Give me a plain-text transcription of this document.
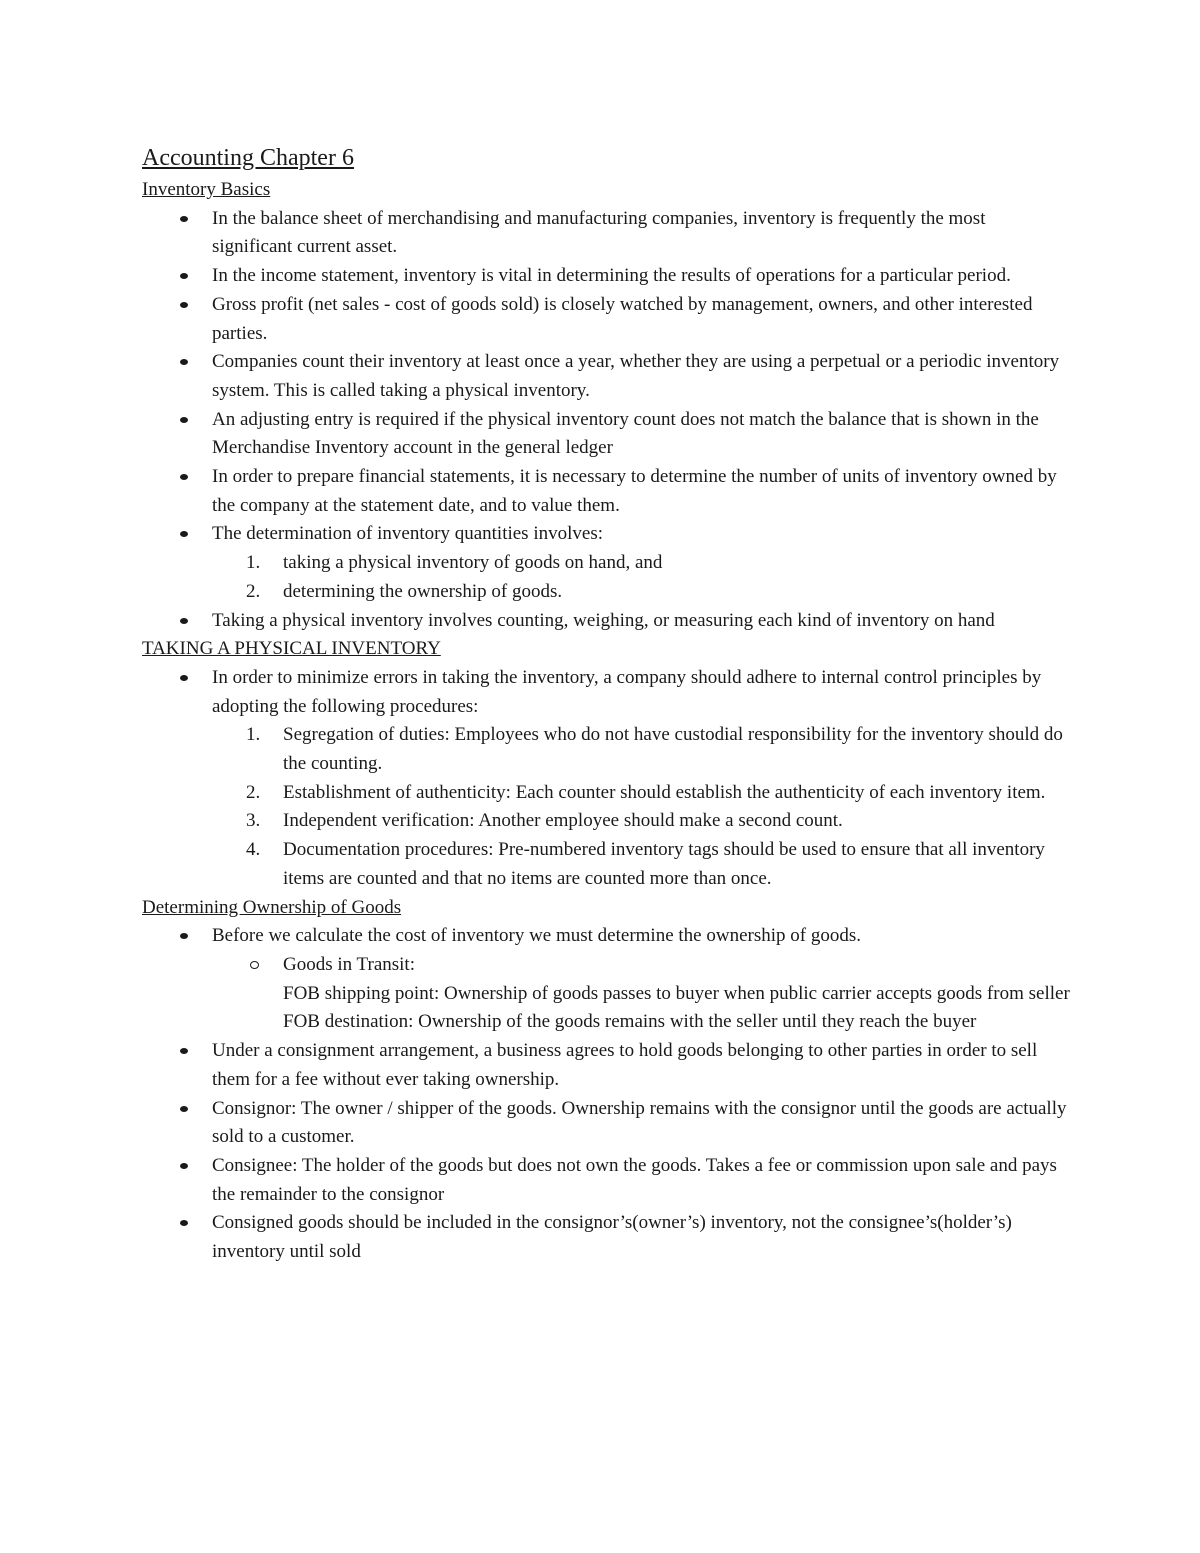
Accounting Chapter 6
Inventory Basics
In the balance sheet of merchandising and manufacturing companies, inventory is frequently the most significant current asset.
In the income statement, inventory is vital in determining the results of operations for a particular period.
Gross profit (net sales - cost of goods sold) is closely watched by management, owners, and other interested parties.
Companies count their inventory at least once a year, whether they are using a perpetual or a periodic inventory system. This is called taking a physical inventory.
An adjusting entry is required if the physical inventory count does not match the balance that is shown in the Merchandise Inventory account in the general ledger
In order to prepare financial statements, it is necessary to determine the number of units of inventory owned by the company at the statement date, and to value them.
The determination of inventory quantities involves:
1. taking a physical inventory of goods on hand, and
2. determining the ownership of goods.
Taking a physical inventory involves counting, weighing, or measuring each kind of inventory on hand
TAKING A PHYSICAL INVENTORY
In order to minimize errors in taking the inventory, a company should adhere to internal control principles by adopting the following procedures:
1. Segregation of duties: Employees who do not have custodial responsibility for the inventory should do the counting.
2. Establishment of authenticity: Each counter should establish the authenticity of each inventory item.
3. Independent verification: Another employee should make a second count.
4. Documentation procedures: Pre-numbered inventory tags should be used to ensure that all inventory items are counted and that no items are counted more than once.
Determining Ownership of Goods
Before we calculate the cost of inventory we must determine the ownership of goods.
Goods in Transit:
FOB shipping point: Ownership of goods passes to buyer when public carrier accepts goods from seller
FOB destination: Ownership of the goods remains with the seller until they reach the buyer
Under a consignment arrangement, a business agrees to hold goods belonging to other parties in order to sell them for a fee without ever taking ownership.
Consignor: The owner / shipper of the goods. Ownership remains with the consignor until the goods are actually sold to a customer.
Consignee: The holder of the goods but does not own the goods. Takes a fee or commission upon sale and pays the remainder to the consignor
Consigned goods should be included in the consignor’s(owner’s) inventory, not the consignee’s(holder’s) inventory until sold
